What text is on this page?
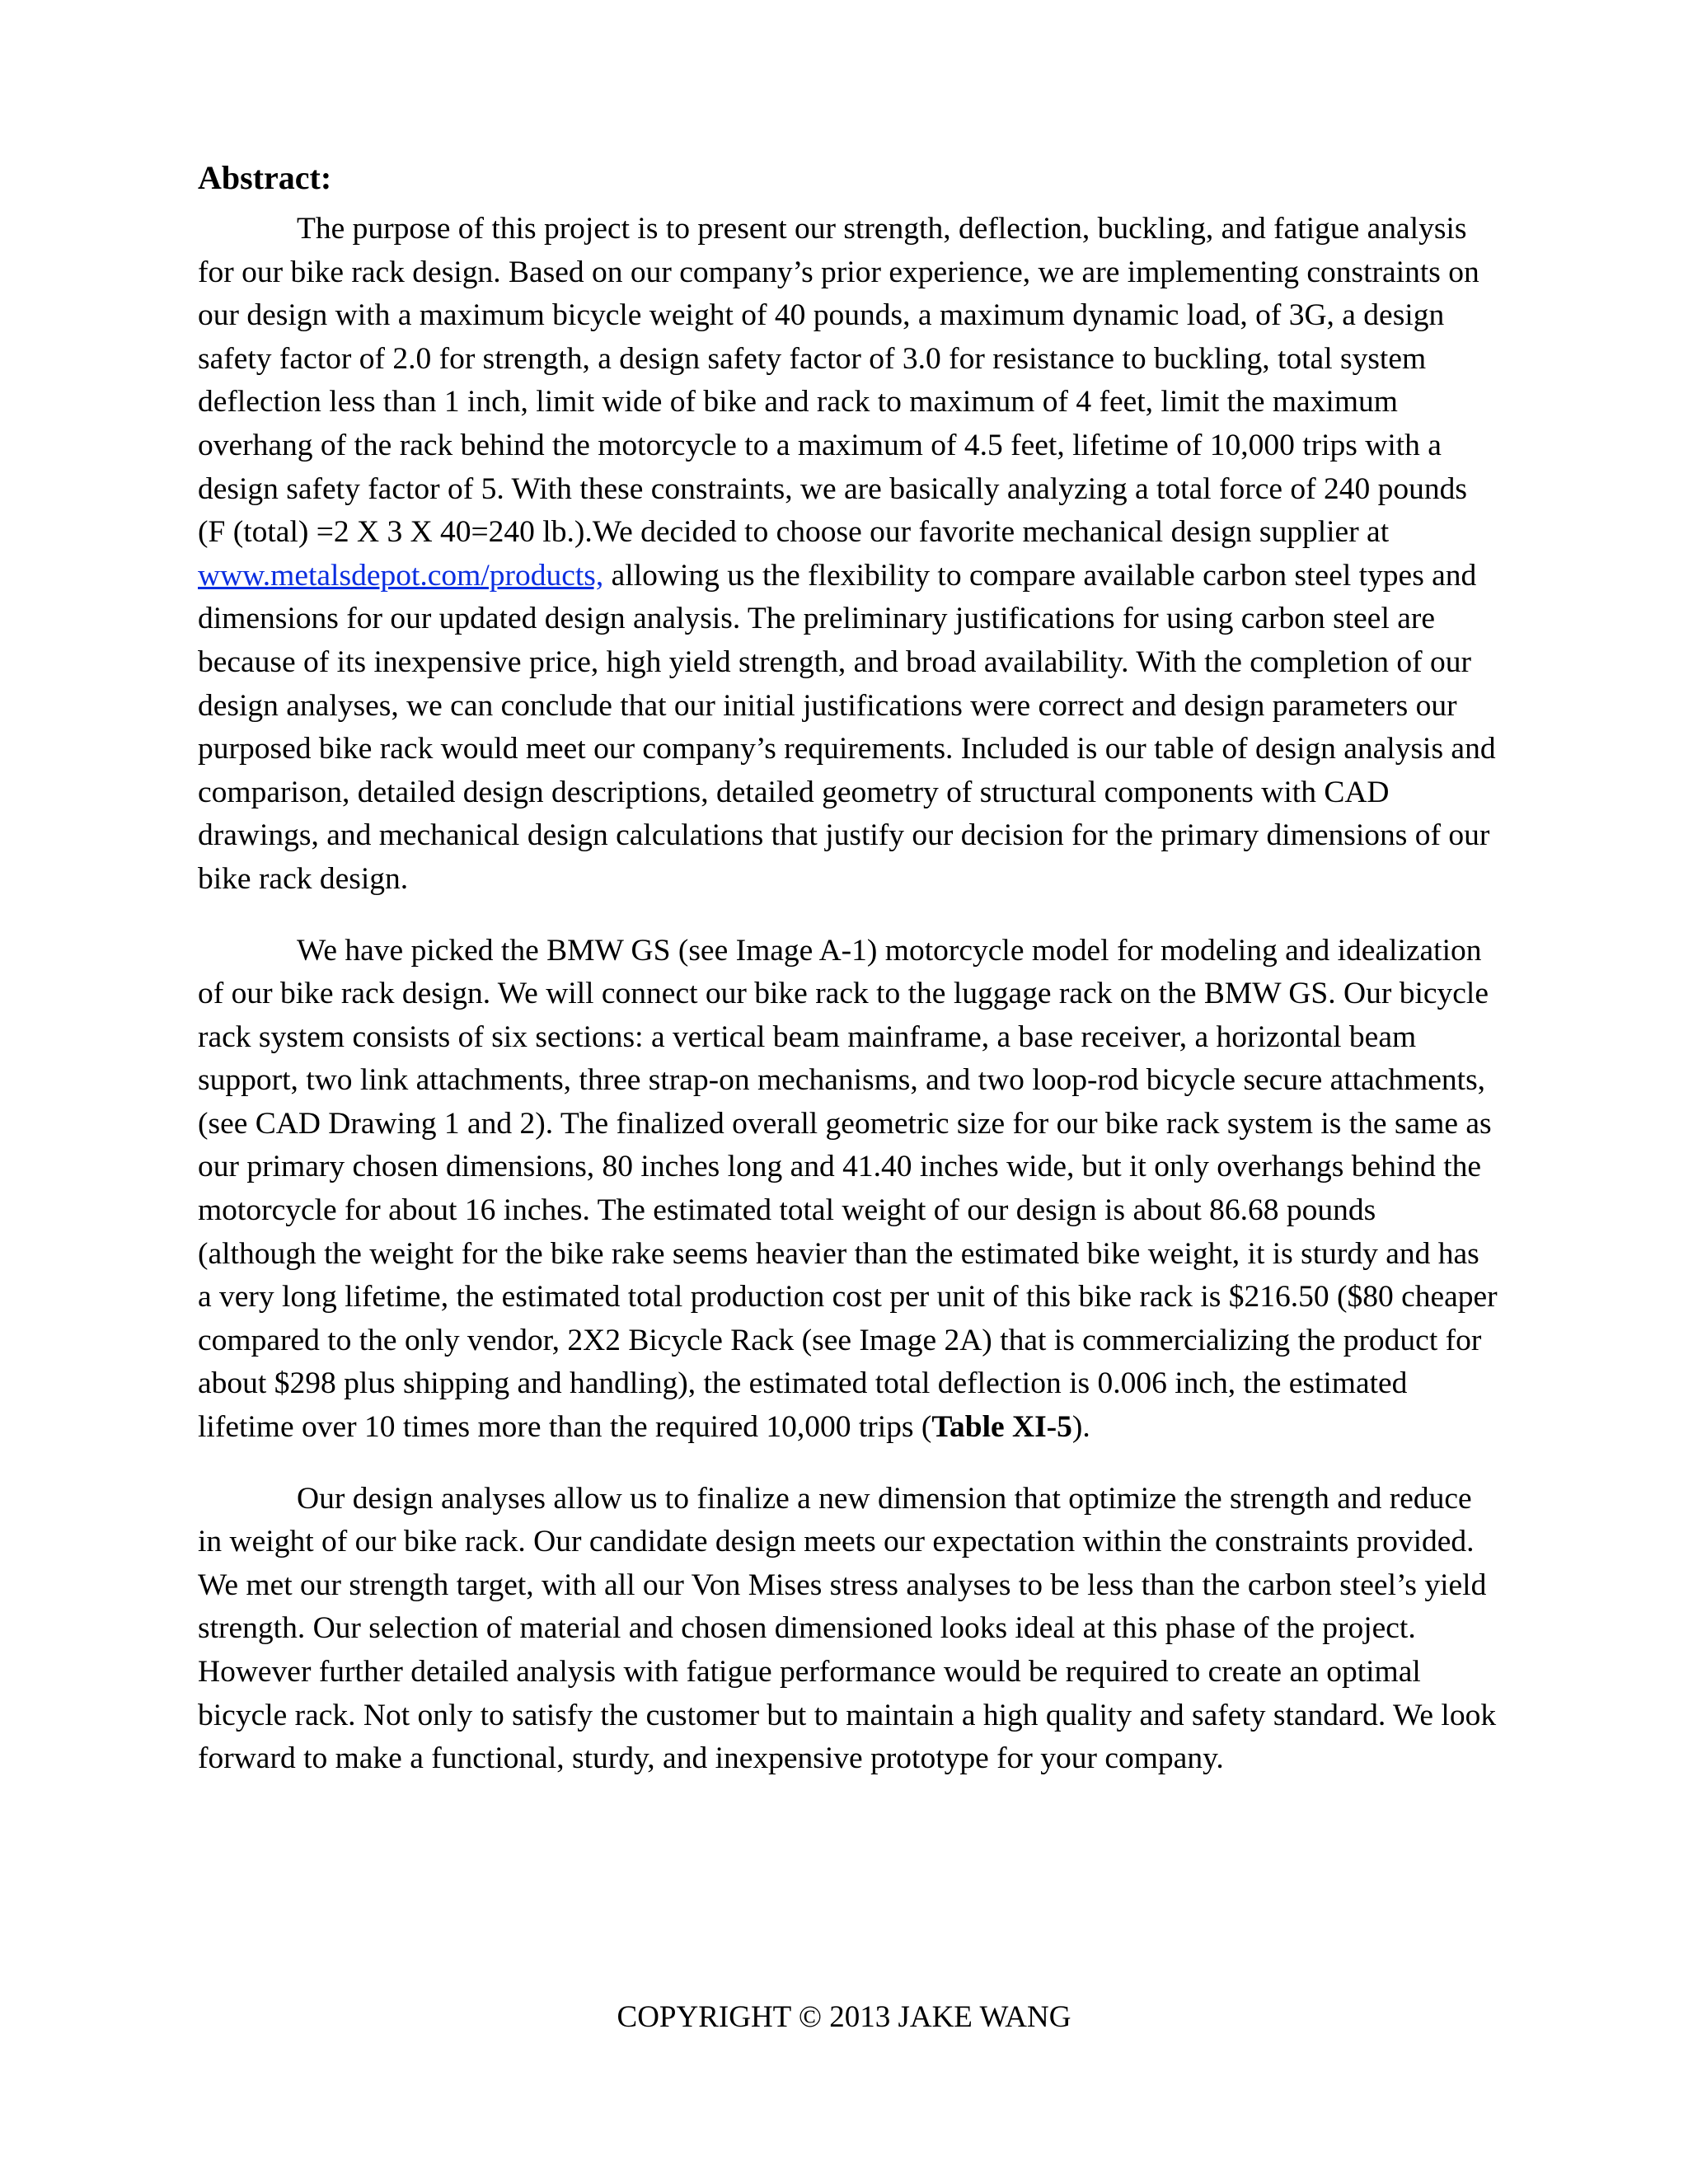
Abstract:

The purpose of this project is to present our strength, deflection, buckling, and fatigue analysis for our bike rack design. Based on our company’s prior experience, we are implementing constraints on our design with a maximum bicycle weight of 40 pounds, a maximum dynamic load, of 3G, a design safety factor of 2.0 for strength, a design safety factor of 3.0 for resistance to buckling, total system deflection less than 1 inch, limit wide of bike and rack to maximum of 4 feet, limit the maximum overhang of the rack behind the motorcycle to a maximum of 4.5 feet, lifetime of 10,000 trips with a design safety factor of 5. With these constraints, we are basically analyzing a total force of 240 pounds (F (total) =2 X 3 X 40=240 lb.).We decided to choose our favorite mechanical design supplier at www.metalsdepot.com/products, allowing us the flexibility to compare available carbon steel types and dimensions for our updated design analysis. The preliminary justifications for using carbon steel are because of its inexpensive price, high yield strength, and broad availability. With the completion of our design analyses, we can conclude that our initial justifications were correct and design parameters our purposed bike rack would meet our company’s requirements. Included is our table of design analysis and comparison, detailed design descriptions, detailed geometry of structural components with CAD drawings, and mechanical design calculations that justify our decision for the primary dimensions of our bike rack design.

We have picked the BMW GS (see Image A-1) motorcycle model for modeling and idealization of our bike rack design. We will connect our bike rack to the luggage rack on the BMW GS. Our bicycle rack system consists of six sections: a vertical beam mainframe, a base receiver, a horizontal beam support, two link attachments, three strap-on mechanisms, and two loop-rod bicycle secure attachments, (see CAD Drawing 1 and 2). The finalized overall geometric size for our bike rack system is the same as our primary chosen dimensions, 80 inches long and 41.40 inches wide, but it only overhangs behind the motorcycle for about 16 inches. The estimated total weight of our design is about 86.68 pounds (although the weight for the bike rake seems heavier than the estimated bike weight, it is sturdy and has a very long lifetime, the estimated total production cost per unit of this bike rack is $216.50 ($80 cheaper compared to the only vendor, 2X2 Bicycle Rack (see Image 2A) that is commercializing the product for about $298 plus shipping and handling), the estimated total deflection is 0.006 inch, the estimated lifetime over 10 times more than the required 10,000 trips (Table XI-5).

Our design analyses allow us to finalize a new dimension that optimize the strength and reduce in weight of our bike rack. Our candidate design meets our expectation within the constraints provided. We met our strength target, with all our Von Mises stress analyses to be less than the carbon steel’s yield strength. Our selection of material and chosen dimensioned looks ideal at this phase of the project. However further detailed analysis with fatigue performance would be required to create an optimal bicycle rack. Not only to satisfy the customer but to maintain a high quality and safety standard. We look forward to make a functional, sturdy, and inexpensive prototype for your company.

COPYRIGHT © 2013 JAKE WANG
